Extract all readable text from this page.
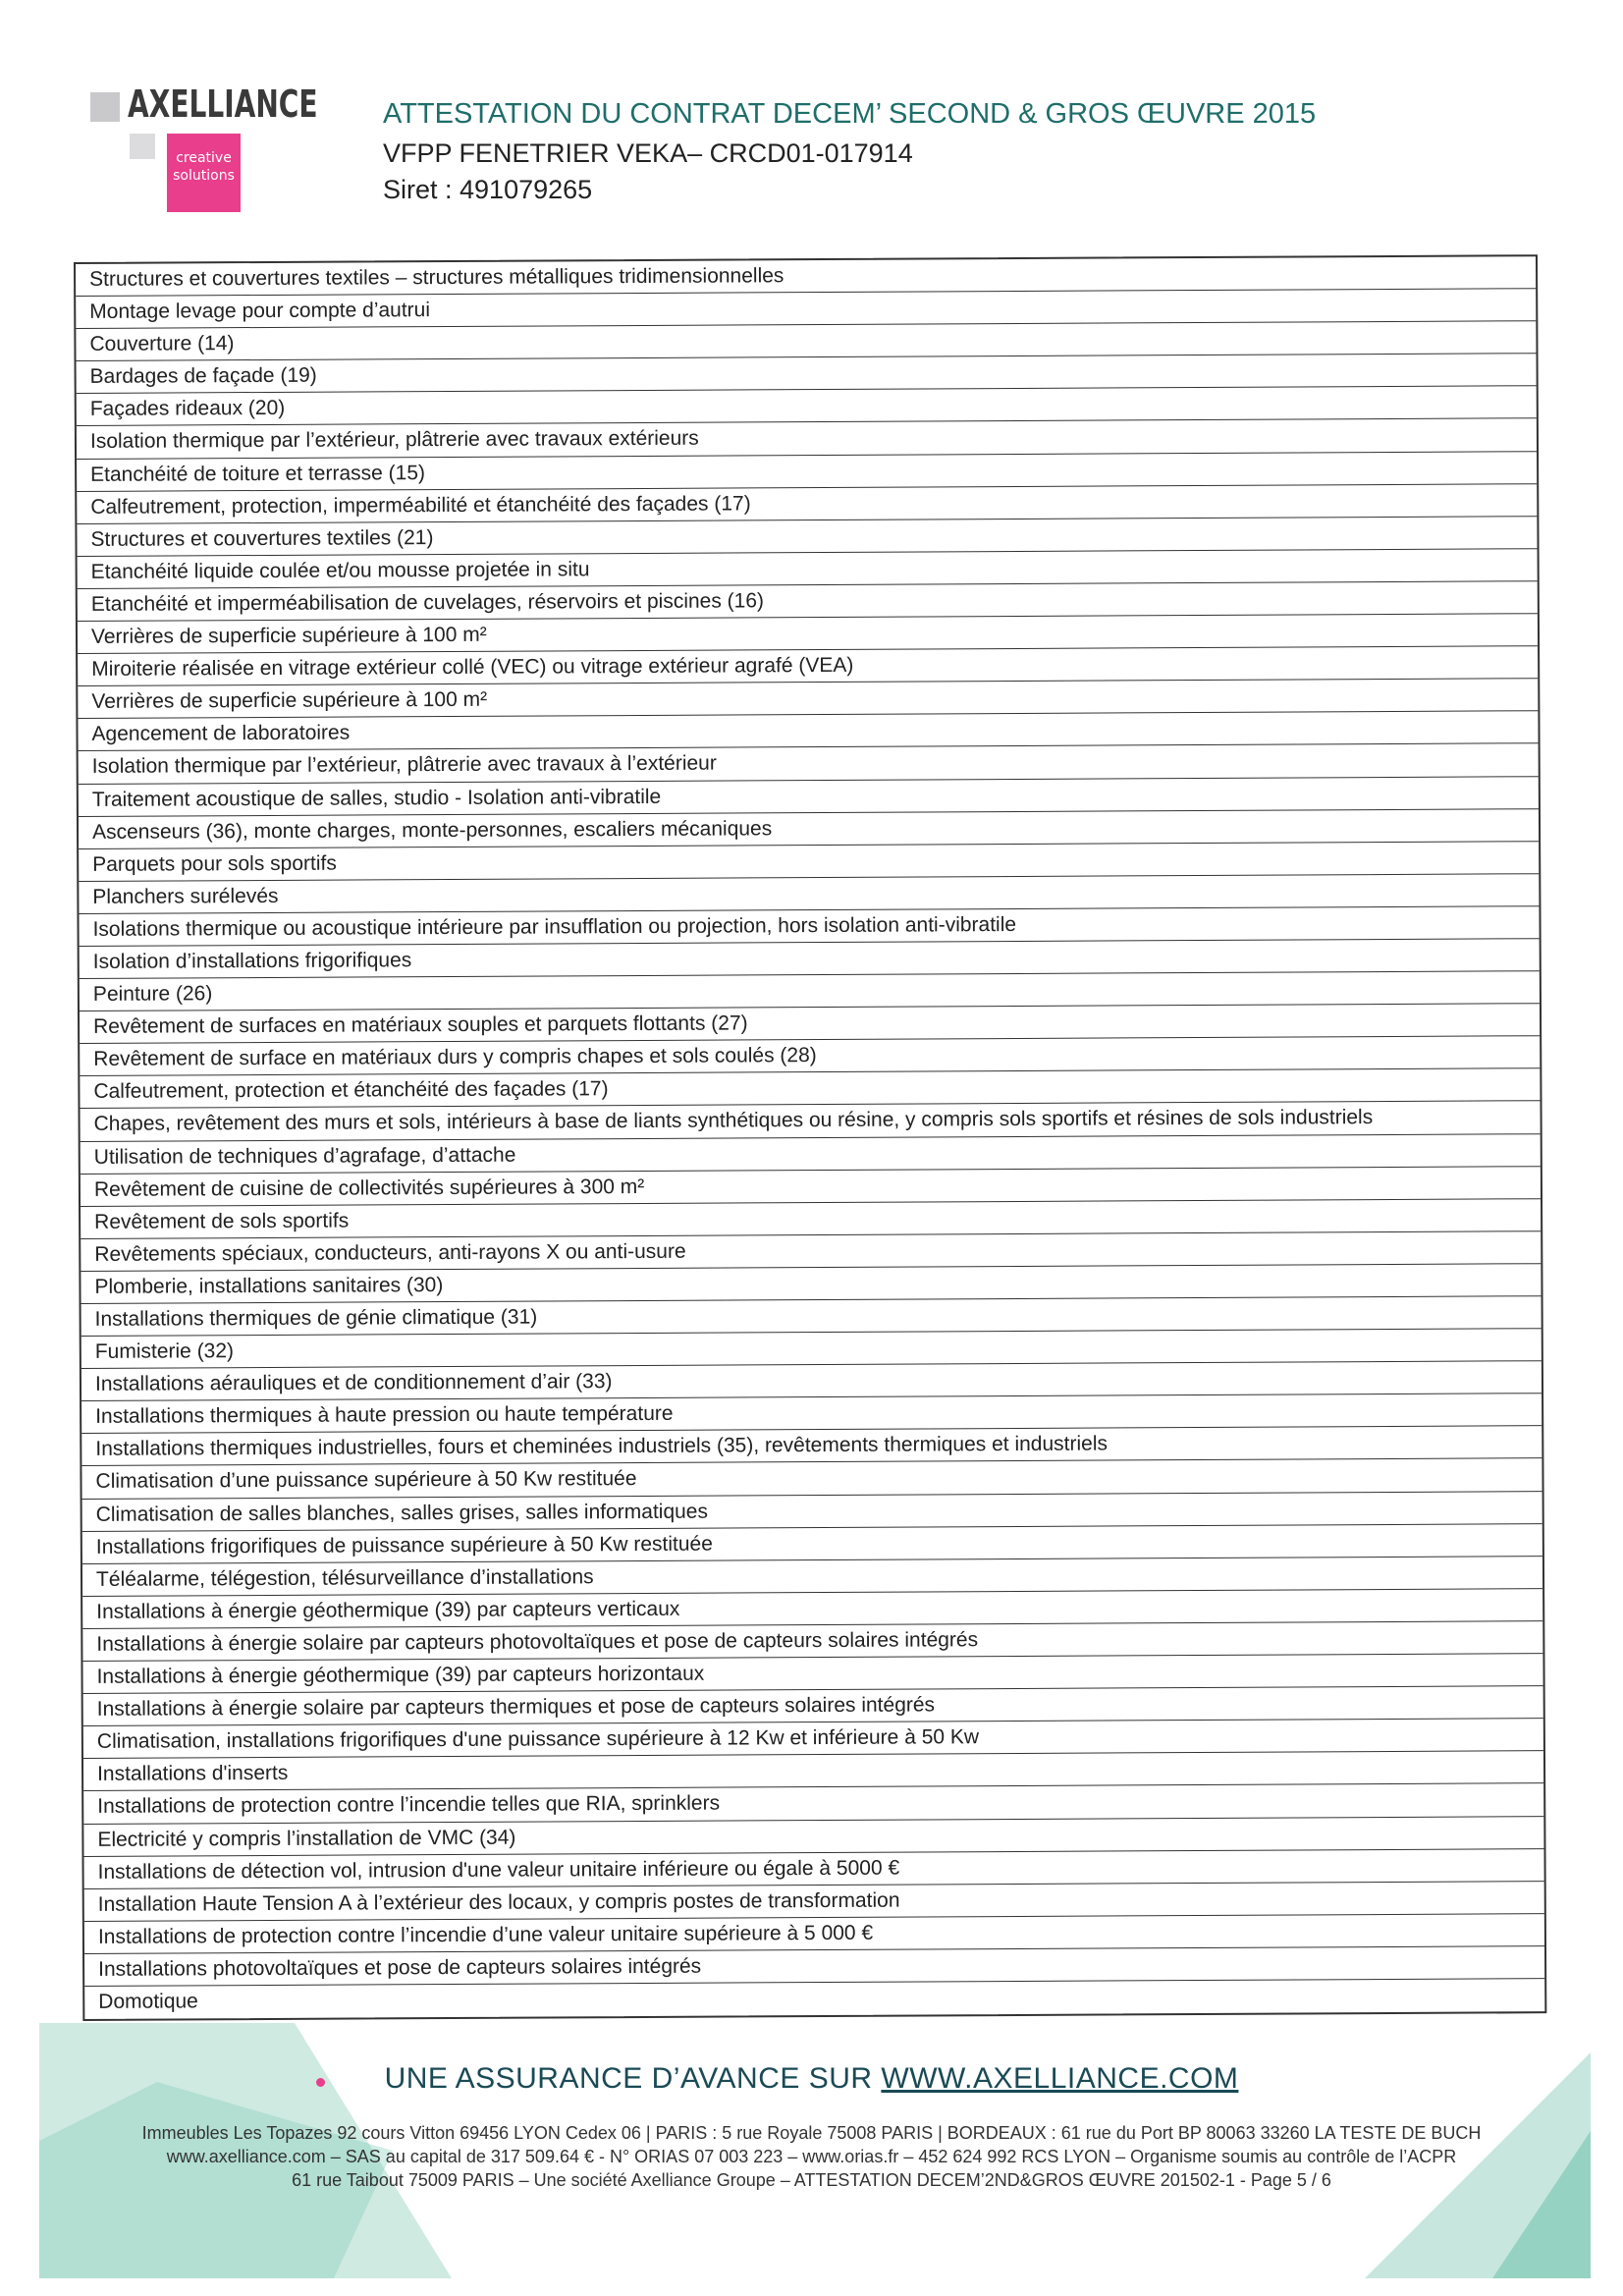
AXELLIANCE
creative
solutions
ATTESTATION DU CONTRAT DECEM’ SECOND & GROS ŒUVRE 2015
VFPP FENETRIER VEKA– CRCD01-017914
Siret : 491079265
Structures et couvertures textiles – structures métalliques tridimensionnelles
Montage levage pour compte d’autrui
Couverture (14)
Bardages de façade (19)
Façades rideaux (20)
Isolation thermique par l’extérieur, plâtrerie avec travaux extérieurs
Etanchéité de toiture et terrasse (15)
Calfeutrement, protection, imperméabilité et étanchéité des façades (17)
Structures et couvertures textiles (21)
Etanchéité liquide coulée et/ou mousse projetée in situ
Etanchéité et imperméabilisation de cuvelages, réservoirs et piscines (16)
Verrières de superficie supérieure à 100 m²
Miroiterie réalisée en vitrage extérieur collé (VEC) ou vitrage extérieur agrafé (VEA)
Verrières de superficie supérieure à 100 m²
Agencement de laboratoires
Isolation thermique par l’extérieur, plâtrerie avec travaux à l’extérieur
Traitement acoustique de salles, studio - Isolation anti-vibratile
Ascenseurs (36), monte charges, monte-personnes, escaliers mécaniques
Parquets pour sols sportifs
Planchers surélevés
Isolations thermique ou acoustique intérieure par insufflation ou projection, hors isolation anti-vibratile
Isolation d’installations frigorifiques
Peinture (26)
Revêtement de surfaces en matériaux souples et parquets flottants (27)
Revêtement de surface en matériaux durs y compris chapes et sols coulés (28)
Calfeutrement, protection et étanchéité des façades (17)
Chapes, revêtement des murs et sols, intérieurs à base de liants synthétiques ou résine, y compris sols sportifs et résines de sols industriels
Utilisation de techniques d’agrafage, d’attache
Revêtement de cuisine de collectivités supérieures à 300 m²
Revêtement de sols sportifs
Revêtements spéciaux, conducteurs, anti-rayons X ou anti-usure
Plomberie, installations sanitaires (30)
Installations thermiques de génie climatique (31)
Fumisterie (32)
Installations aérauliques et de conditionnement d’air (33)
Installations thermiques à haute pression ou haute température
Installations thermiques industrielles, fours et cheminées industriels (35), revêtements thermiques et industriels
Climatisation d’une puissance supérieure à 50 Kw restituée
Climatisation de salles blanches, salles grises, salles informatiques
Installations frigorifiques de puissance supérieure à 50 Kw restituée
Téléalarme, télégestion, télésurveillance d’installations
Installations à énergie géothermique (39) par capteurs verticaux
Installations à énergie solaire par capteurs photovoltaïques et pose de capteurs solaires intégrés
Installations à énergie géothermique (39) par capteurs horizontaux
Installations à énergie solaire par capteurs thermiques et pose de capteurs solaires intégrés
Climatisation, installations frigorifiques d'une puissance supérieure à 12 Kw et inférieure à 50 Kw
Installations d'inserts
Installations de protection contre l’incendie telles que RIA, sprinklers
Electricité y compris l’installation de VMC (34)
Installations de détection vol, intrusion d'une valeur unitaire inférieure ou égale à 5000 €
Installation Haute Tension A à l’extérieur des locaux, y compris postes de transformation
Installations de protection contre l’incendie d’une valeur unitaire supérieure à 5 000 €
Installations photovoltaïques et pose de capteurs solaires intégrés
Domotique
UNE ASSURANCE D’AVANCE SUR WWW.AXELLIANCE.COM
Immeubles Les Topazes 92 cours Vitton 69456 LYON Cedex 06 | PARIS : 5 rue Royale 75008 PARIS | BORDEAUX : 61 rue du Port BP 80063 33260 LA TESTE DE BUCH
www.axelliance.com – SAS au capital de 317 509.64 € - N° ORIAS 07 003 223 – www.orias.fr – 452 624 992 RCS LYON – Organisme soumis au contrôle de l’ACPR
61 rue Taibout 75009 PARIS – Une société Axelliance Groupe – ATTESTATION DECEM’2ND&GROS ŒUVRE 201502-1 - Page 5 / 6
